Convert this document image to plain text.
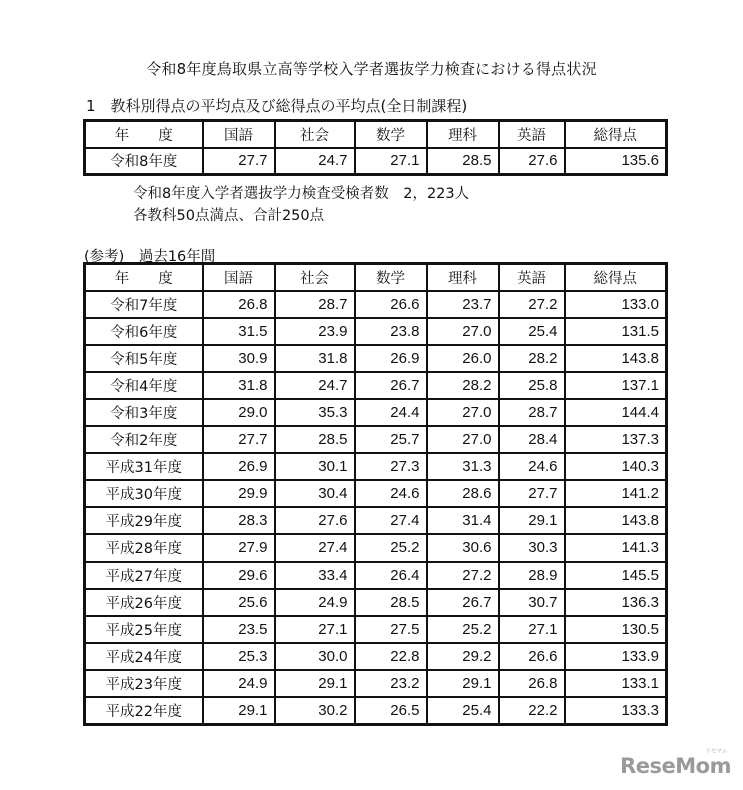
令和8年度鳥取県立高等学校入学者選抜学力検査における得点状況
1　教科別得点の平均点及び総得点の平均点(全日制課程)
年　　度	国語	社会	数学	理科	英語	総得点
令和8年度	27.7	24.7	27.1	28.5	27.6	135.6
令和8年度入学者選抜学力検査受検者数　2，223人
各教科50点満点、合計250点
(参考)　過去16年間
年　　度	国語	社会	数学	理科	英語	総得点
令和7年度	26.8	28.7	26.6	23.7	27.2	133.0
令和6年度	31.5	23.9	23.8	27.0	25.4	131.5
令和5年度	30.9	31.8	26.9	26.0	28.2	143.8
令和4年度	31.8	24.7	26.7	28.2	25.8	137.1
令和3年度	29.0	35.3	24.4	27.0	28.7	144.4
令和2年度	27.7	28.5	25.7	27.0	28.4	137.3
平成31年度	26.9	30.1	27.3	31.3	24.6	140.3
平成30年度	29.9	30.4	24.6	28.6	27.7	141.2
平成29年度	28.3	27.6	27.4	31.4	29.1	143.8
平成28年度	27.9	27.4	25.2	30.6	30.3	141.3
平成27年度	29.6	33.4	26.4	27.2	28.9	145.5
平成26年度	25.6	24.9	28.5	26.7	30.7	136.3
平成25年度	23.5	27.1	27.5	25.2	27.1	130.5
平成24年度	25.3	30.0	22.8	29.2	26.6	133.9
平成23年度	24.9	29.1	23.2	29.1	26.8	133.1
平成22年度	29.1	30.2	26.5	25.4	22.2	133.3
リセマム
ReseMom
